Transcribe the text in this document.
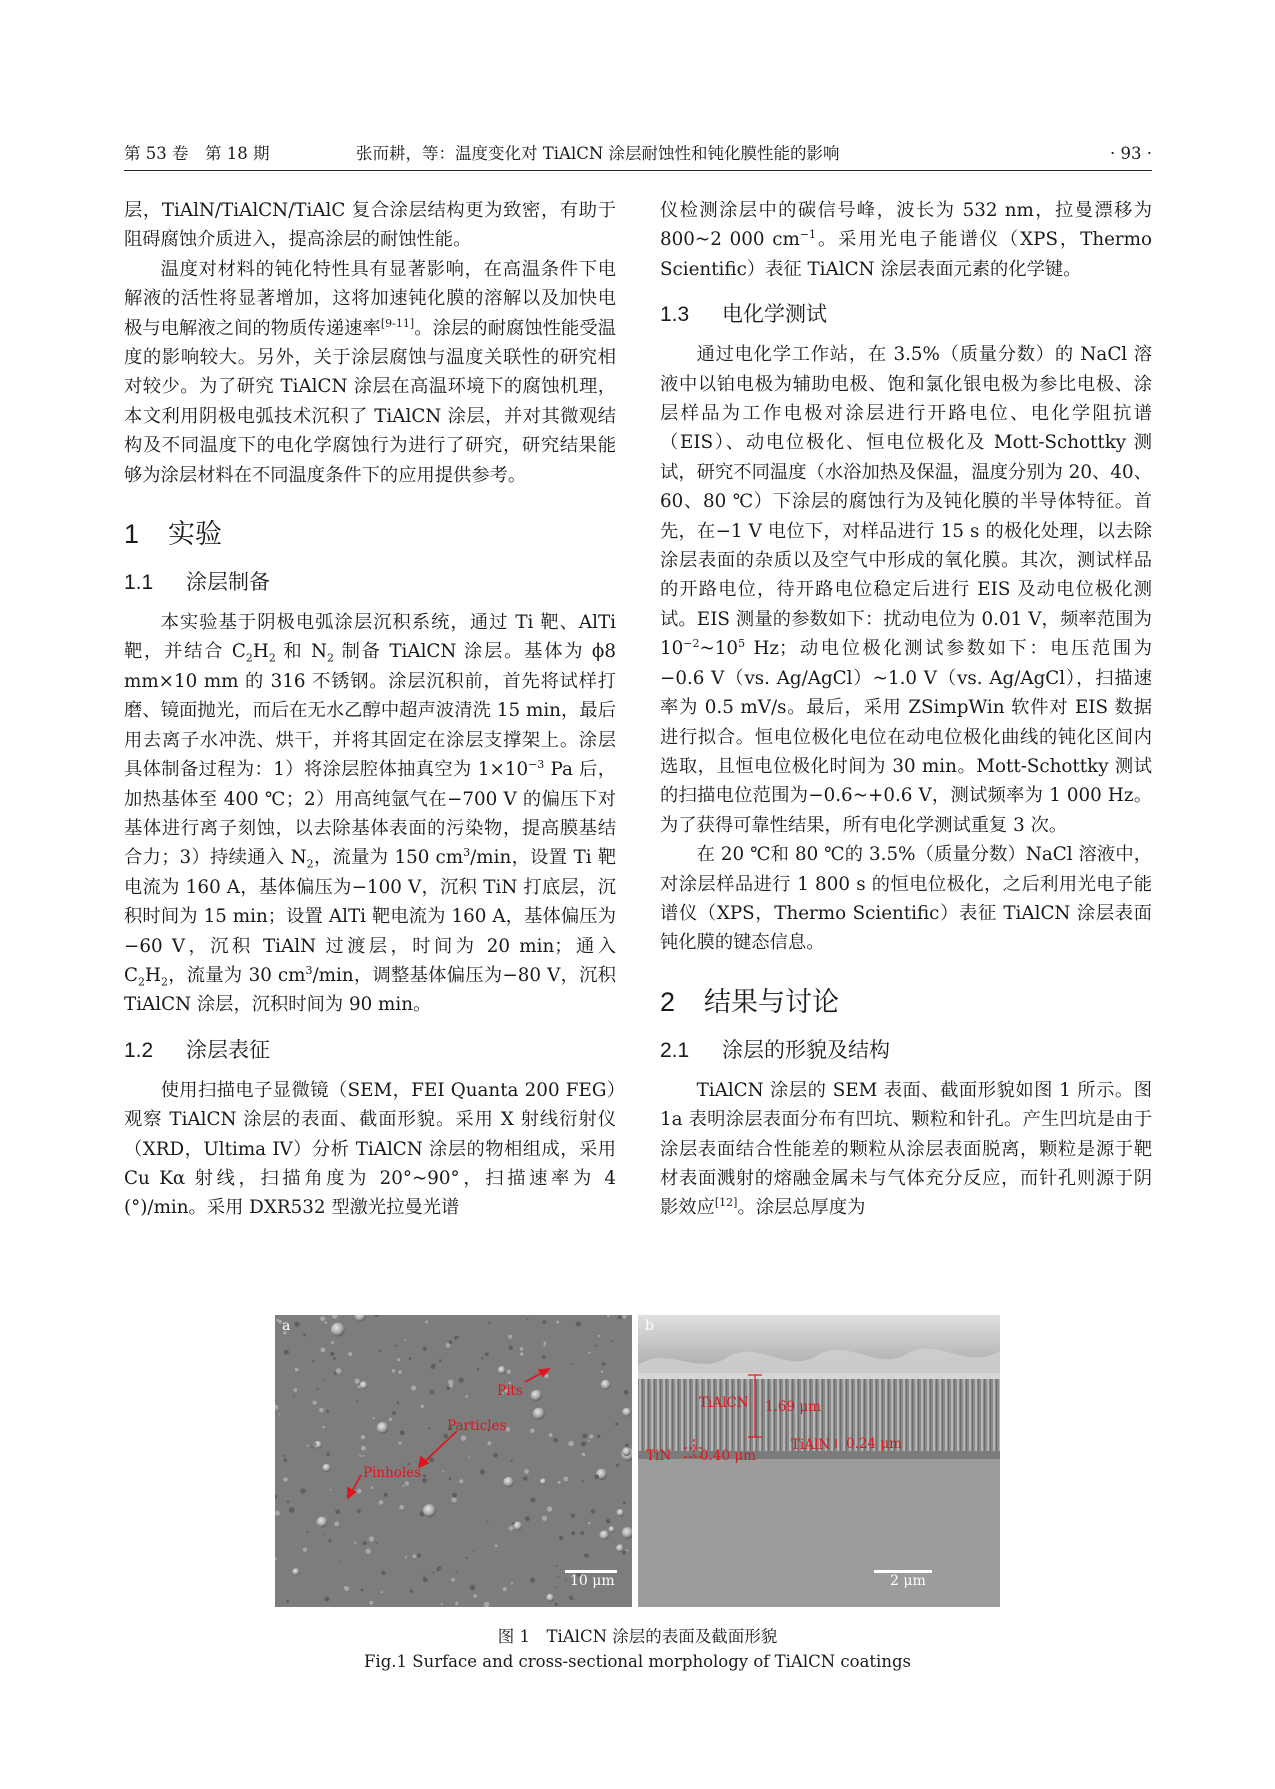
第 53 卷　第 18 期	张而耕，等：温度变化对 TiAlCN 涂层耐蚀性和钝化膜性能的影响	· 93 ·

层，TiAlN/TiAlCN/TiAlC 复合涂层结构更为致密，有助于阻碍腐蚀介质进入，提高涂层的耐蚀性能。

温度对材料的钝化特性具有显著影响，在高温条件下电解液的活性将显著增加，这将加速钝化膜的溶解以及加快电极与电解液之间的物质传递速率[9-11]。涂层的耐腐蚀性能受温度的影响较大。另外，关于涂层腐蚀与温度关联性的研究相对较少。为了研究 TiAlCN 涂层在高温环境下的腐蚀机理，本文利用阴极电弧技术沉积了 TiAlCN 涂层，并对其微观结构及不同温度下的电化学腐蚀行为进行了研究，研究结果能够为涂层材料在不同温度条件下的应用提供参考。

1 实验
1.1 涂层制备

本实验基于阴极电弧涂层沉积系统，通过 Ti 靶、AlTi 靶，并结合 $C_2H_2$ 和 $N_2$ 制备 TiAlCN 涂层。基体为 ϕ8 mm×10 mm 的 316 不锈钢。涂层沉积前，首先将试样打磨、镜面抛光，而后在无水乙醇中超声波清洗 15 min，最后用去离子水冲洗、烘干，并将其固定在涂层支撑架上。涂层具体制备过程为：1）将涂层腔体抽真空为 $1\times 10^{-3}$ Pa 后，加热基体至 400 ℃；2）用高纯氩气在−700 V 的偏压下对基体进行离子刻蚀，以去除基体表面的污染物，提高膜基结合力；3）持续通入 $N_2$，流量为 150 $cm^3/\min$，设置 Ti 靶电流为 160 A，基体偏压为−100 V，沉积 TiN 打底层，沉积时间为 15 min；设置 AlTi 靶电流为 160 A，基体偏压为−60 V，沉积 TiAlN 过渡层，时间为 20 min；通入 $C_2H_2$，流量为 30 $cm^3/\min$，调整基体偏压为−80 V，沉积 TiAlCN 涂层，沉积时间为 90 min。

1.2 涂层表征

使用扫描电子显微镜（SEM，FEI Quanta 200 FEG）观察 TiAlCN 涂层的表面、截面形貌。采用 X 射线衍射仪（XRD，Ultima IV）分析 TiAlCN 涂层的物相组成，采用 Cu Kα 射线，扫描角度为 20°~90°，扫描速率为 4 (°)/min。采用 DXR532 型激光拉曼光谱

仪检测涂层中的碳信号峰，波长为 532 nm，拉曼漂移为 800~2 000 $cm^{-1}$。采用光电子能谱仪（XPS，Thermo Scientific）表征 TiAlCN 涂层表面元素的化学键。

1.3 电化学测试

通过电化学工作站，在 3.5%（质量分数）的 NaCl 溶液中以铂电极为辅助电极、饱和氯化银电极为参比电极、涂层样品为工作电极对涂层进行开路电位、电化学阻抗谱（EIS）、动电位极化、恒电位极化及 Mott-Schottky 测试，研究不同温度（水浴加热及保温，温度分别为 20、40、60、80 ℃）下涂层的腐蚀行为及钝化膜的半导体特征。首先，在−1 V 电位下，对样品进行 15 s 的极化处理，以去除涂层表面的杂质以及空气中形成的氧化膜。其次，测试样品的开路电位，待开路电位稳定后进行 EIS 及动电位极化测试。EIS 测量的参数如下：扰动电位为 0.01 V，频率范围为 $10^{-2}\sim 10^5$ Hz；动电位极化测试参数如下：电压范围为 −0.6 V（vs. Ag/AgCl）~1.0 V（vs. Ag/AgCl），扫描速率为 0.5 mV/s。最后，采用 ZSimpWin 软件对 EIS 数据进行拟合。恒电位极化电位在动电位极化曲线的钝化区间内选取，且恒电位极化时间为 30 min。Mott-Schottky 测试的扫描电位范围为−0.6~+0.6 V，测试频率为 1 000 Hz。为了获得可靠性结果，所有电化学测试重复 3 次。

在 20 ℃和 80 ℃的 3.5%（质量分数）NaCl 溶液中，对涂层样品进行 1 800 s 的恒电位极化，之后利用光电子能谱仪（XPS，Thermo Scientific）表征 TiAlCN 涂层表面钝化膜的键态信息。

2 结果与讨论
2.1 涂层的形貌及结构

TiAlCN 涂层的 SEM 表面、截面形貌如图 1 所示。图 1a 表明涂层表面分布有凹坑、颗粒和针孔。产生凹坑是由于涂层表面结合性能差的颗粒从涂层表面脱离，颗粒是源于靶材表面溅射的熔融金属未与气体充分反应，而针孔则源于阴影效应[12]。涂层总厚度为

a
Pits
Particles
Pinholes
10 μm
b
TiAlCN 1.69 μm
TiAlN 0.24 μm
TiN 0.40 μm
2 μm
图 1　TiAlCN 涂层的表面及截面形貌
Fig.1 Surface and cross-sectional morphology of TiAlCN coatings
